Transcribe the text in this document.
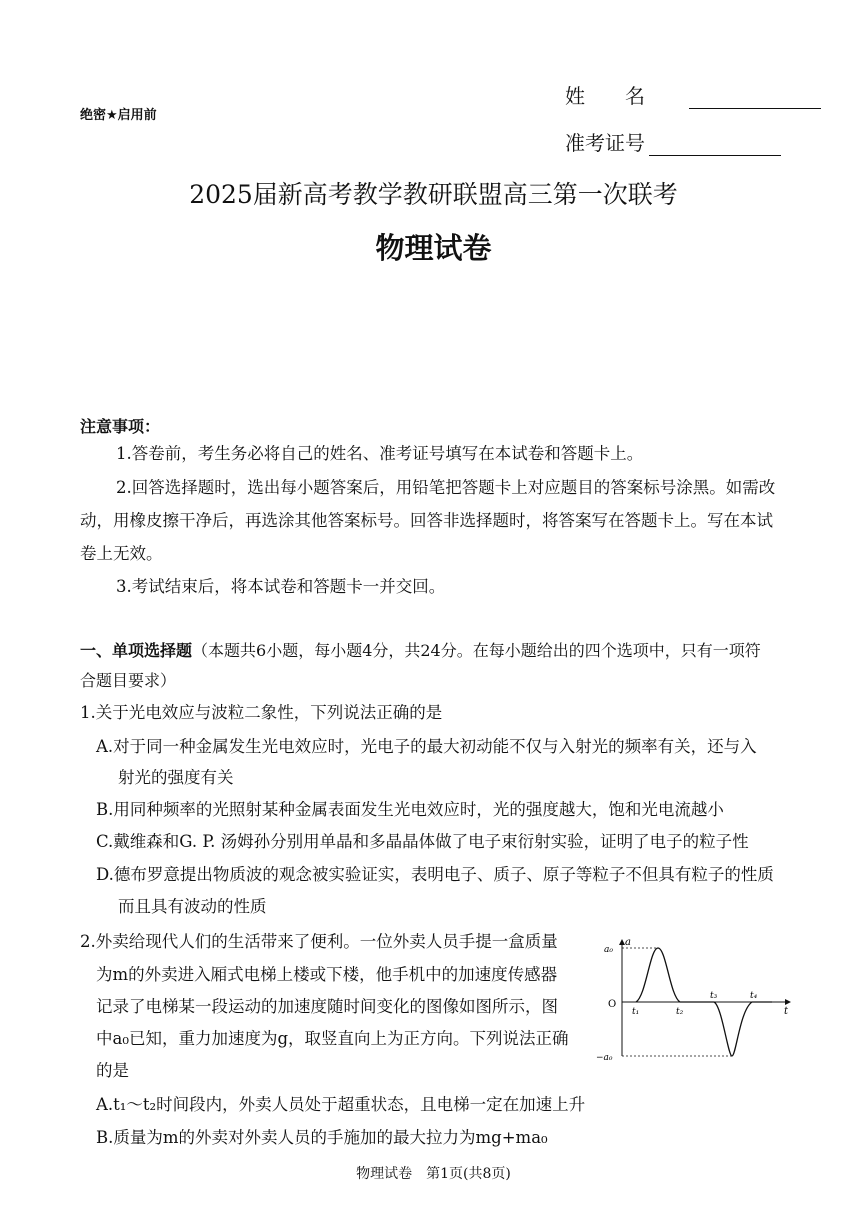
绝密★启用前
姓名
准考证号
2025届新高考教学教研联盟高三第一次联考
物理试卷
注意事项：
1.答卷前，考生务必将自己的姓名、准考证号填写在本试卷和答题卡上。
2.回答选择题时，选出每小题答案后，用铅笔把答题卡上对应题目的答案标号涂黑。如需改
动，用橡皮擦干净后，再选涂其他答案标号。回答非选择题时，将答案写在答题卡上。写在本试
卷上无效。
3.考试结束后，将本试卷和答题卡一并交回。
一、单项选择题（本题共6小题，每小题4分，共24分。在每小题给出的四个选项中，只有一项符
合题目要求）
1.关于光电效应与波粒二象性，下列说法正确的是
A.对于同一种金属发生光电效应时，光电子的最大初动能不仅与入射光的频率有关，还与入
射光的强度有关
B.用同种频率的光照射某种金属表面发生光电效应时，光的强度越大，饱和光电流越小
C.戴维森和G. P. 汤姆孙分别用单晶和多晶晶体做了电子束衍射实验，证明了电子的粒子性
D.德布罗意提出物质波的观念被实验证实，表明电子、质子、原子等粒子不但具有粒子的性质
而且具有波动的性质
2.外卖给现代人们的生活带来了便利。一位外卖人员手提一盒质量
为m的外卖进入厢式电梯上楼或下楼，他手机中的加速度传感器
记录了电梯某一段运动的加速度随时间变化的图像如图所示，图
中a₀已知，重力加速度为g，取竖直向上为正方向。下列说法正确
的是
A.t₁～t₂时间段内，外卖人员处于超重状态，且电梯一定在加速上升
B.质量为m的外卖对外卖人员的手施加的最大拉力为mg+ma₀
a
t
O
a₀
−a₀
t₁	t₂
t₃	t₄
物理试卷　第1页(共8页)
